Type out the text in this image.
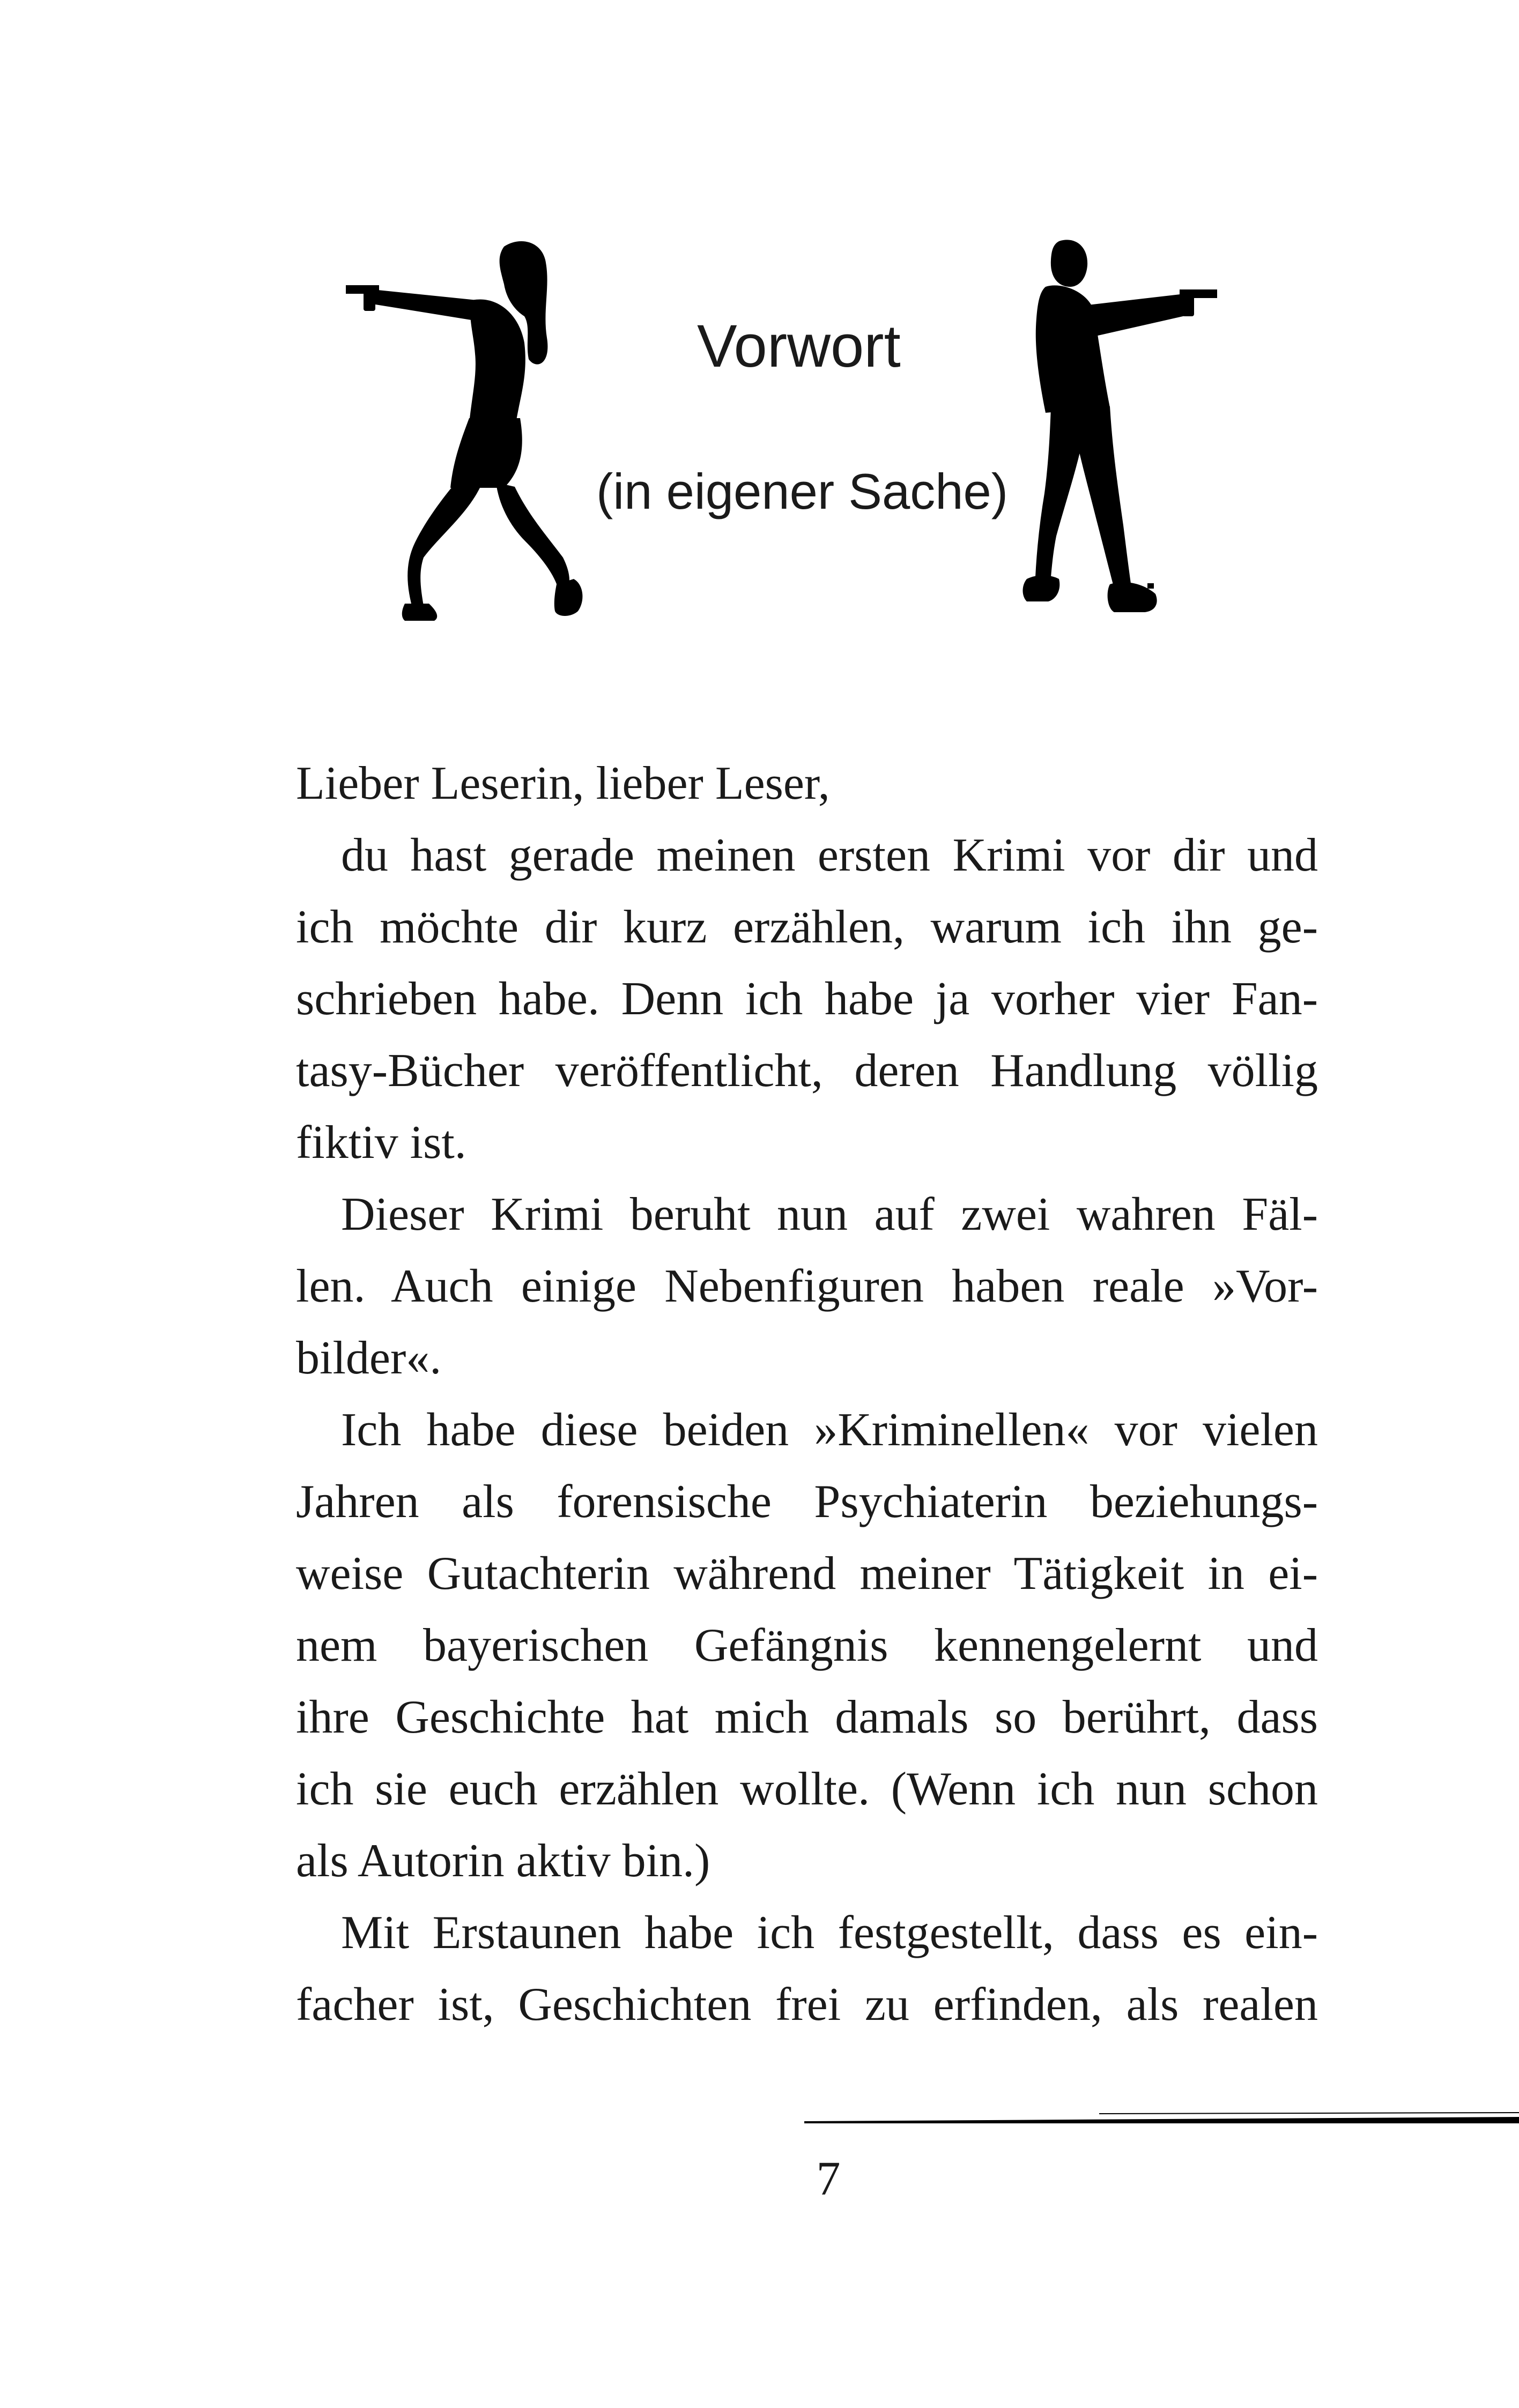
Vorwort
(in eigener Sache)
Lieber Leserin, lieber Leser,
du hast gerade meinen ersten Krimi vor dir und
ich möchte dir kurz erzählen, warum ich ihn ge-
schrieben habe. Denn ich habe ja vorher vier Fan-
tasy-Bücher veröffentlicht, deren Handlung völlig
fiktiv ist.
Dieser Krimi beruht nun auf zwei wahren Fäl-
len. Auch einige Nebenfiguren haben reale »Vor-
bilder«.
Ich habe diese beiden »Kriminellen« vor vielen
Jahren als forensische Psychiaterin beziehungs-
weise Gutachterin während meiner Tätigkeit in ei-
nem bayerischen Gefängnis kennengelernt und
ihre Geschichte hat mich damals so berührt, dass
ich sie euch erzählen wollte. (Wenn ich nun schon
als Autorin aktiv bin.)
Mit Erstaunen habe ich festgestellt, dass es ein-
facher ist, Geschichten frei zu erfinden, als realen
7
